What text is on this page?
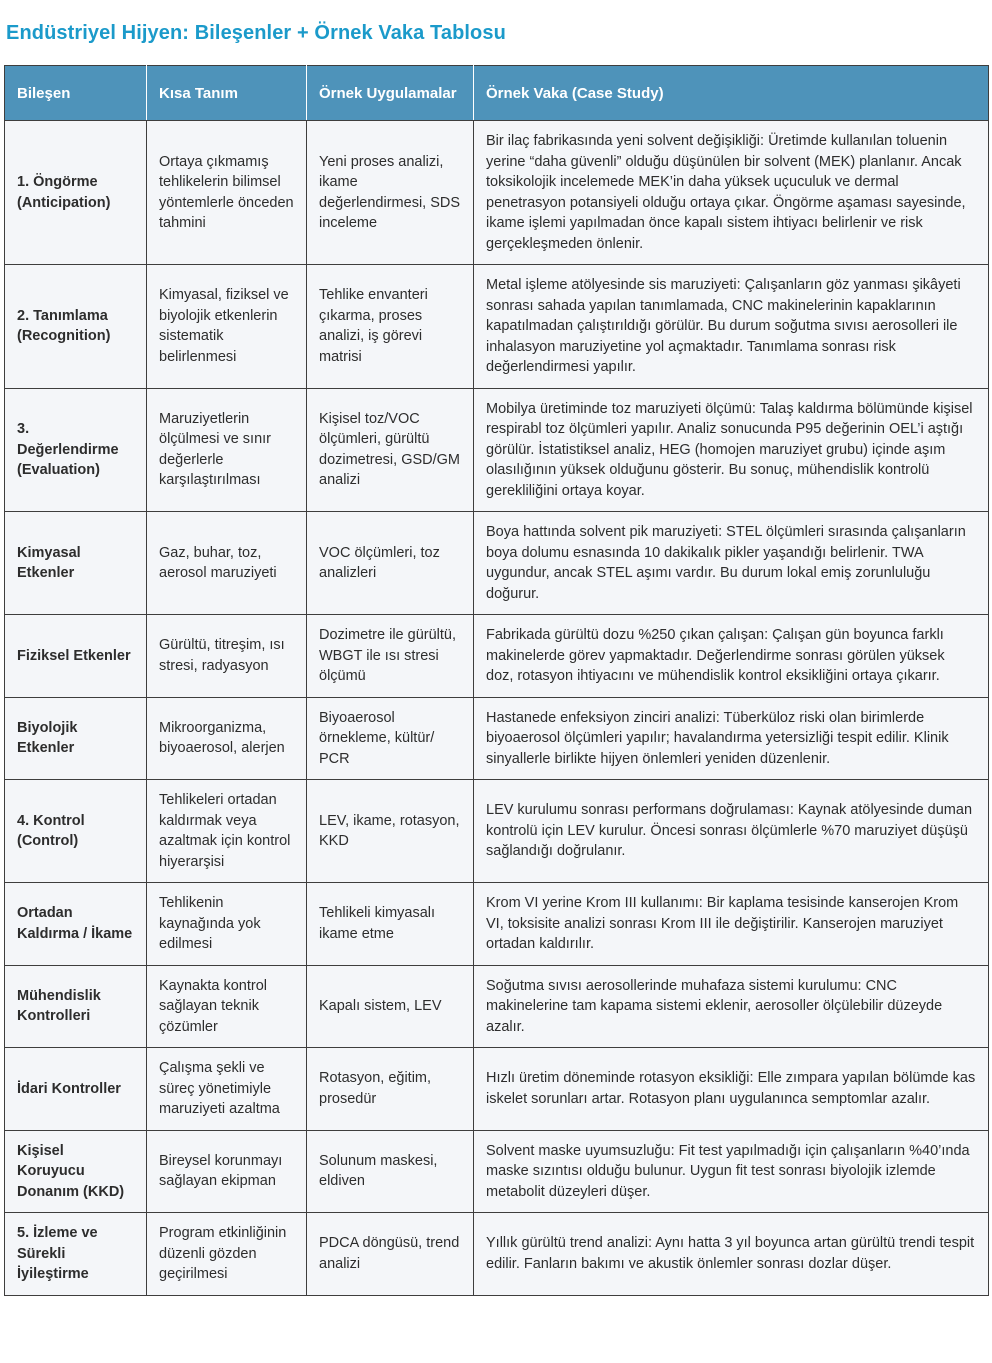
Endüstriyel Hijyen: Bileşenler + Örnek Vaka Tablosu
Bileşen	Kısa Tanım	Örnek Uygulamalar	Örnek Vaka (Case Study)
1. Öngörme (Anticipation)	Ortaya çıkmamış tehlikelerin bilimsel yöntemlerle önceden tahmini	Yeni proses analizi, ikame değerlendirmesi, SDS inceleme	Bir ilaç fabrikasında yeni solvent değişikliği: Üretimde kullanılan toluenin yerine “daha güvenli” olduğu düşünülen bir solvent (MEK) planlanır. Ancak toksikolojik incelemede MEK’in daha yüksek uçuculuk ve dermal penetrasyon potansiyeli olduğu ortaya çıkar. Öngörme aşaması sayesinde, ikame işlemi yapılmadan önce kapalı sistem ihtiyacı belirlenir ve risk gerçekleşmeden önlenir.
2. Tanımlama (Recognition)	Kimyasal, fiziksel ve biyolojik etkenlerin sistematik belirlenmesi	Tehlike envanteri çıkarma, proses analizi, iş görevi matrisi	Metal işleme atölyesinde sis maruziyeti: Çalışanların göz yanması şikâyeti sonrası sahada yapılan tanımlamada, CNC makinelerinin kapaklarının kapatılmadan çalıştırıldığı görülür. Bu durum soğutma sıvısı aerosolleri ile inhalasyon maruziyetine yol açmaktadır. Tanımlama sonrası risk değerlendirmesi yapılır.
3. Değerlendirme (Evaluation)	Maruziyetlerin ölçülmesi ve sınır değerlerle karşılaştırılması	Kişisel toz/VOC ölçümleri, gürültü dozimetresi, GSD/GM analizi	Mobilya üretiminde toz maruziyeti ölçümü: Talaş kaldırma bölümünde kişisel respirabl toz ölçümleri yapılır. Analiz sonucunda P95 değerinin OEL’i aştığı görülür. İstatistiksel analiz, HEG (homojen maruziyet grubu) içinde aşım olasılığının yüksek olduğunu gösterir. Bu sonuç, mühendislik kontrolü gerekliliğini ortaya koyar.
Kimyasal Etkenler	Gaz, buhar, toz, aerosol maruziyeti	VOC ölçümleri, toz analizleri	Boya hattında solvent pik maruziyeti: STEL ölçümleri sırasında çalışanların boya dolumu esnasında 10 dakikalık pikler yaşandığı belirlenir. TWA uygundur, ancak STEL aşımı vardır. Bu durum lokal emiş zorunluluğu doğurur.
Fiziksel Etkenler	Gürültü, titreşim, ısı stresi, radyasyon	Dozimetre ile gürültü, WBGT ile ısı stresi ölçümü	Fabrikada gürültü dozu %250 çıkan çalışan: Çalışan gün boyunca farklı makinelerde görev yapmaktadır. Değerlendirme sonrası görülen yüksek doz, rotasyon ihtiyacını ve mühendislik kontrol eksikliğini ortaya çıkarır.
Biyolojik Etkenler	Mikroorganizma, biyoaerosol, alerjen	Biyoaerosol örnekleme, kültür/ PCR	Hastanede enfeksiyon zinciri analizi: Tüberküloz riski olan birimlerde biyoaerosol ölçümleri yapılır; havalandırma yetersizliği tespit edilir. Klinik sinyallerle birlikte hijyen önlemleri yeniden düzenlenir.
4. Kontrol (Control)	Tehlikeleri ortadan kaldırmak veya azaltmak için kontrol hiyerarşisi	LEV, ikame, rotasyon, KKD	LEV kurulumu sonrası performans doğrulaması: Kaynak atölyesinde duman kontrolü için LEV kurulur. Öncesi sonrası ölçümlerle %70 maruziyet düşüşü sağlandığı doğrulanır.
Ortadan Kaldırma / İkame	Tehlikenin kaynağında yok edilmesi	Tehlikeli kimyasalı ikame etme	Krom VI yerine Krom III kullanımı: Bir kaplama tesisinde kanserojen Krom VI, toksisite analizi sonrası Krom III ile değiştirilir. Kanserojen maruziyet ortadan kaldırılır.
Mühendislik Kontrolleri	Kaynakta kontrol sağlayan teknik çözümler	Kapalı sistem, LEV	Soğutma sıvısı aerosollerinde muhafaza sistemi kurulumu: CNC makinelerine tam kapama sistemi eklenir, aerosoller ölçülebilir düzeyde azalır.
İdari Kontroller	Çalışma şekli ve süreç yönetimiyle maruziyeti azaltma	Rotasyon, eğitim, prosedür	Hızlı üretim döneminde rotasyon eksikliği: Elle zımpara yapılan bölümde kas iskelet sorunları artar. Rotasyon planı uygulanınca semptomlar azalır.
Kişisel Koruyucu Donanım (KKD)	Bireysel korunmayı sağlayan ekipman	Solunum maskesi, eldiven	Solvent maske uyumsuzluğu: Fit test yapılmadığı için çalışanların %40’ında maske sızıntısı olduğu bulunur. Uygun fit test sonrası biyolojik izlemde metabolit düzeyleri düşer.
5. İzleme ve Sürekli İyileştirme	Program etkinliğinin düzenli gözden geçirilmesi	PDCA döngüsü, trend analizi	Yıllık gürültü trend analizi: Aynı hatta 3 yıl boyunca artan gürültü trendi tespit edilir. Fanların bakımı ve akustik önlemler sonrası dozlar düşer.
